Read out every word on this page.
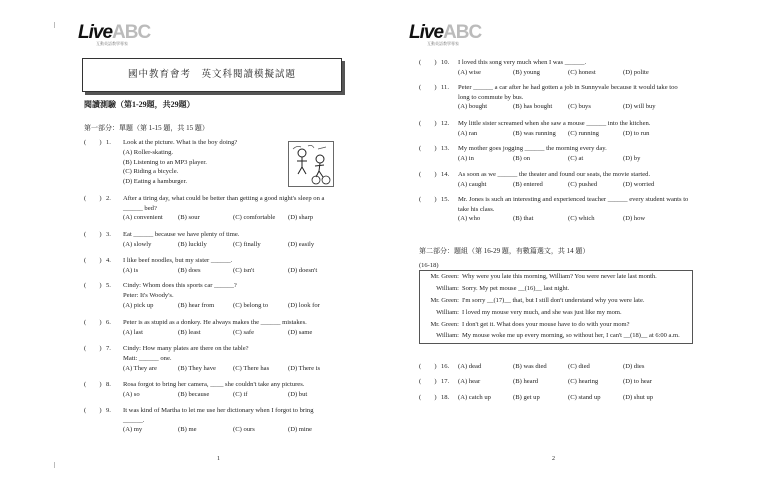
LiveABC
互動英語教學專家
國中教育會考　英文科閱讀模擬試題
閱讀測驗（第1-29題，共29題）
第一部分：單題（第 1-15 題，共 15 題）
(　　) 1. Look at the picture. What is the boy doing?
(A) Roller-skating.
(B) Listening to an MP3 player.
(C) Riding a bicycle.
(D) Eating a hamburger.
(　　) 2. After a tiring day, what could be better than getting a good night's sleep on a ______ bed?
(A) convenient (B) sour	(C) comfortable (D) sharp
(　　) 3. Eat ______ because we have plenty of time.
(A) slowly	(B) luckily	(C) finally	(D) easily
(　　) 4. I like beef noodles, but my sister ______.
(A) is	(B) does	(C) isn't	(D) doesn't
(　　) 5. Cindy: Whom does this sports car ______?
Peter: It's Woody's.
(A) pick up	(B) hear from	(C) belong to	(D) look for
(　　) 6. Peter is as stupid as a donkey. He always makes the ______ mistakes.
(A) last	(B) least	(C) safe	(D) same
(　　) 7. Cindy: How many plates are there on the table?
Matt: ______ one.
(A) They are	(B) They have	(C) There has	(D) There is
(　　) 8. Rosa forgot to bring her camera, ____ she couldn't take any pictures.
(A) so	(B) because	(C) if	(D) but
(　　) 9. It was kind of Martha to let me use her dictionary when I forgot to bring ______.
(A) my	(B) me	(C) ours	(D) mine
1
LiveABC
互動英語教學專家
2
(　　) 10. I loved this song very much when I was ______.
(A) wise	(B) young	(C) honest	(D) polite
(　　) 11. Peter ______ a car after he had gotten a job in Sunnyvale because it would take too long to commute by bus.
(A) bought	(B) has bought (C) buys	(D) will buy
(　　) 12. My little sister screamed when she saw a mouse ______ into the kitchen.
(A) ran	(B) was running (C) running	(D) to run
(　　) 13. My mother goes jogging ______ the morning every day.
(A) in	(B) on	(C) at	(D) by
(　　) 14. As soon as we ______ the theater and found our seats, the movie started.
(A) caught	(B) entered	(C) pushed	(D) worried
(　　) 15. Mr. Jones is such an interesting and experienced teacher ______ every student wants to take his class.
(A) who	(B) that	(C) which	(D) how
第二部分：題組（第 16-29 題，有數篇選文，共 14 題）
(16-18)
Mr. Green: Why were you late this morning, William? You were never late last month.
William: Sorry. My pet mouse __(16)__ last night.
Mr. Green: I'm sorry __(17)__ that, but I still don't understand why you were late.
William: I loved my mouse very much, and she was just like my mom.
Mr. Green: I don't get it. What does your mouse have to do with your mom?
William: My mouse woke me up every morning, so without her, I can't __(18)__ at 6:00 a.m.
(　　) 16. (A) dead	(B) was died	(C) died	(D) dies
(　　) 17. (A) hear	(B) heard	(C) hearing	(D) to hear
(　　) 18. (A) catch up	(B) get up	(C) stand up	(D) shut up
